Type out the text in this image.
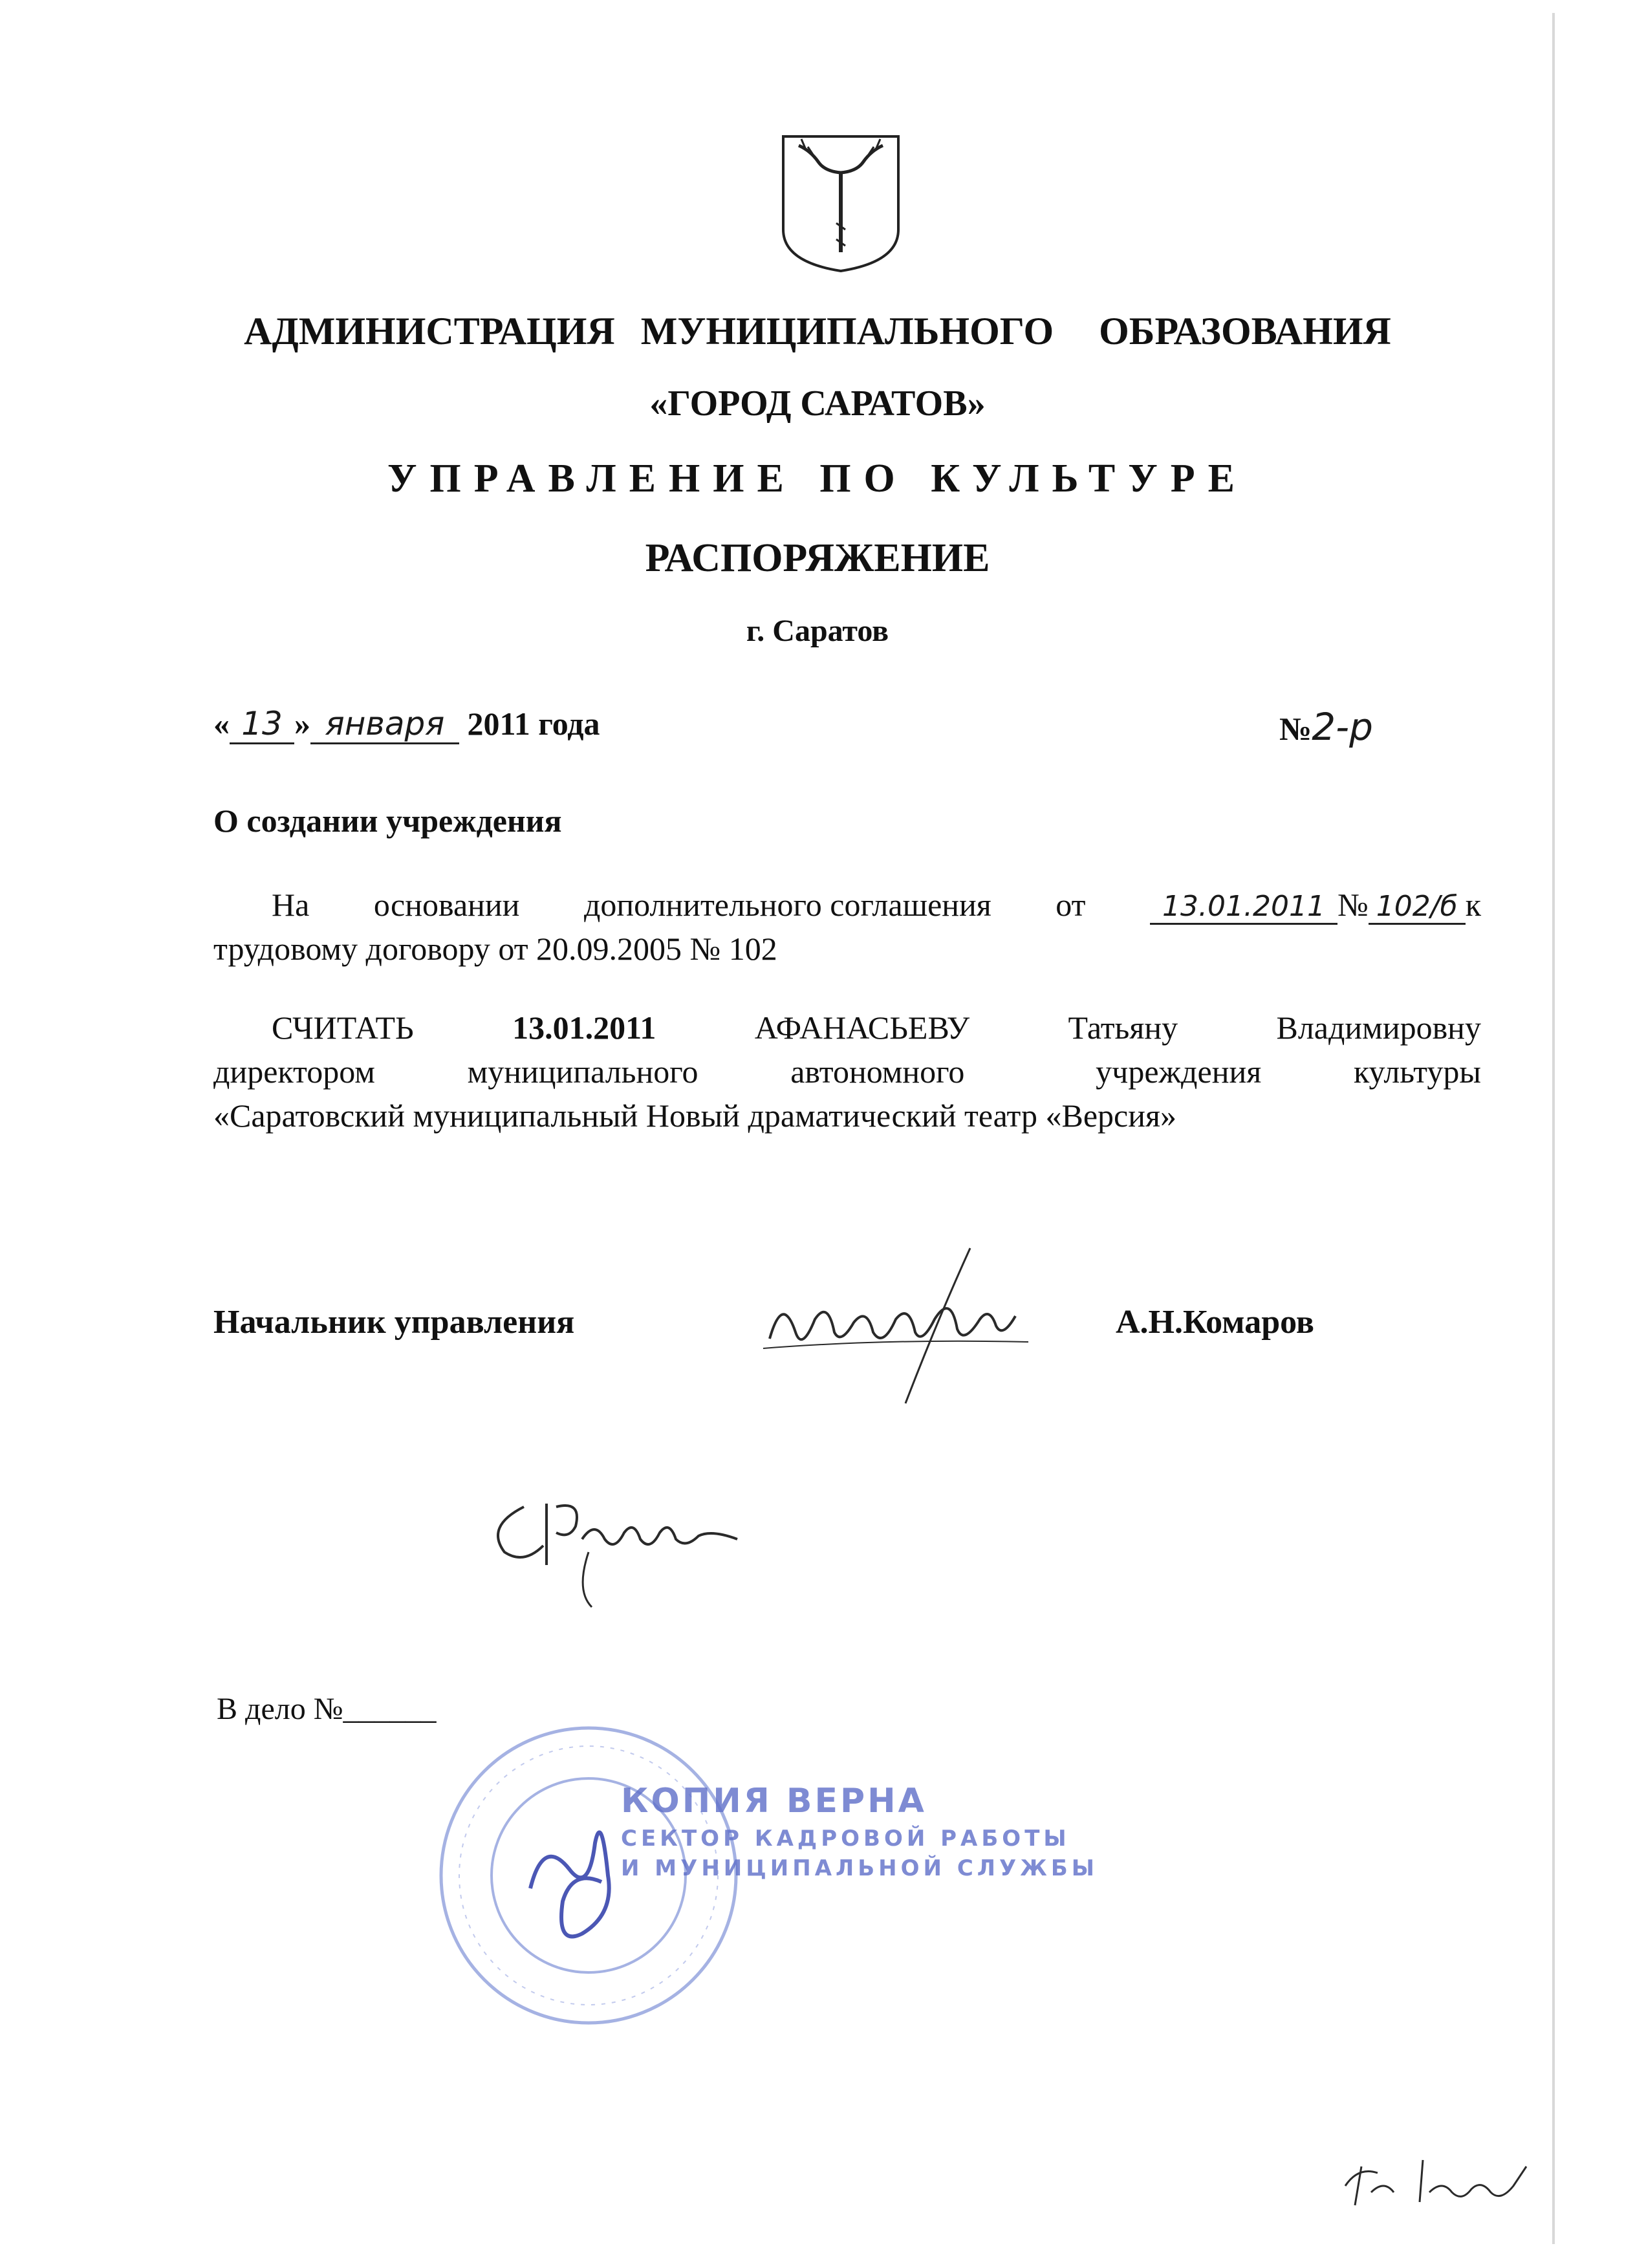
АДМИНИСТРАЦИЯ МУНИЦИПАЛЬНОГО ОБРАЗОВАНИЯ
«ГОРОД САРАТОВ»
УПРАВЛЕНИЕ ПО КУЛЬТУРЕ
РАСПОРЯЖЕНИЕ
г. Саратов
« 13 » января 2011 года	№2-р
О создании учреждения
На основании дополнительного соглашения от	13.01.2011 № 102/б к
трудовому договору от 20.09.2005 № 102
СЧИТАТЬ	13.01.2011	АФАНАСЬЕВУ	Татьяну	Владимировну
директором	муниципального	автономного	учреждения	культуры
«Саратовский муниципальный Новый драматический театр «Версия»
Начальник управления	А.Н.Комаров
В дело №______
КОПИЯ ВЕРНА
СЕКТОР КАДРОВОЙ РАБОТЫ
И МУНИЦИПАЛЬНОЙ СЛУЖБЫ
